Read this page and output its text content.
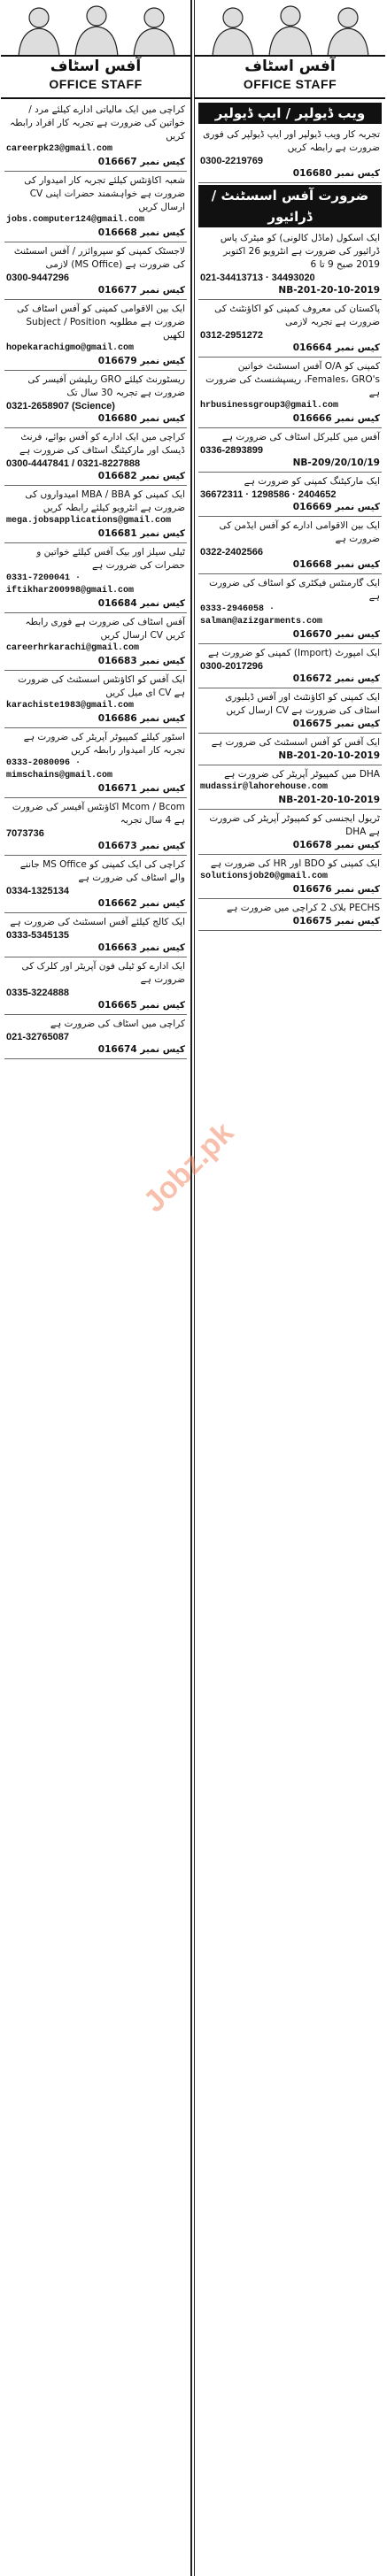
آفس اسٹاف
OFFICE STAFF
کراچی میں ایک مالیاتی ادارے کیلئے مرد / خواتین کی ضرورت ہے تجربہ کار افراد رابطہ کریں
careerpk23@gmail.com
کیس نمبر 016667
شعبہ اکاؤنٹس کیلئے تجربہ کار امیدوار کی ضرورت ہے خواہشمند حضرات اپنی CV ارسال کریں
jobs.computer124@gmail.com
کیس نمبر 016668
لاجسٹک کمپنی کو سپروائزر / آفس اسسٹنٹ کی ضرورت ہے (MS Office) لازمی
0300-9447296
کیس نمبر 016677
ایک بین الاقوامی کمپنی کو آفس اسٹاف کی ضرورت ہے مطلوبہ Subject / Position لکھیں
hopekarachigmo@gmail.com
کیس نمبر 016679
ریسٹورنٹ کیلئے GRO ریلیشن آفیسر کی ضرورت ہے تجربہ 30 سال تک
0321-2658907 (Science)
کیس نمبر 016680
کراچی میں ایک ادارے کو آفس بوائے، فرنٹ ڈیسک اور مارکیٹنگ اسٹاف کی ضرورت ہے
0300-4447841 / 0321-8227888
کیس نمبر 016682
ایک کمپنی کو MBA / BBA امیدواروں کی ضرورت ہے انٹرویو کیلئے رابطہ کریں
mega.jobsapplications@gmail.com
کیس نمبر 016681
ٹیلی سیلز اور بیک آفس کیلئے خواتین و حضرات کی ضرورت ہے
0331-7200041 · iftikhar200998@gmail.com
کیس نمبر 016684
آفس اسٹاف کی ضرورت ہے فوری رابطہ کریں CV ارسال کریں
careerhrkarachi@gmail.com
کیس نمبر 016683
ایک آفس کو اکاؤنٹس اسسٹنٹ کی ضرورت ہے CV ای میل کریں
karachiste1983@gmail.com
کیس نمبر 016686
اسٹور کیلئے کمپیوٹر آپریٹر کی ضرورت ہے تجربہ کار امیدوار رابطہ کریں
0333-2080096 · mimschains@gmail.com
کیس نمبر 016671
Mcom / Bcom اکاؤنٹس آفیسر کی ضرورت ہے 4 سال تجربہ
7073736
کیس نمبر 016673
کراچی کی ایک کمپنی کو MS Office جاننے والے اسٹاف کی ضرورت ہے
0334-1325134
کیس نمبر 016662
ایک کالج کیلئے آفس اسسٹنٹ کی ضرورت ہے
0333-5345135
کیس نمبر 016663
ایک ادارے کو ٹیلی فون آپریٹر اور کلرک کی ضرورت ہے
0335-3224888
کیس نمبر 016665
کراچی میں اسٹاف کی ضرورت ہے
021-32765087
کیس نمبر 016674
آفس اسٹاف
OFFICE STAFF
ویب ڈیولپر / ایپ ڈیولپر
تجربہ کار ویب ڈیولپر اور ایپ ڈیولپر کی فوری ضرورت ہے رابطہ کریں
0300-2219769
کیس نمبر 016680
ضرورت آفس اسسٹنٹ / ڈرائیور
ایک اسکول (ماڈل کالونی) کو میٹرک پاس ڈرائیور کی ضرورت ہے انٹرویو 26 اکتوبر 2019 صبح 9 تا 6
021-34413713 · 34493020
NB-201-20-10-2019
پاکستان کی معروف کمپنی کو اکاؤنٹنٹ کی ضرورت ہے تجربہ لازمی
0312-2951272
کیس نمبر 016664
کمپنی کو O/A آفس اسسٹنٹ خواتین Females، GRO's، ریسپشنسٹ کی ضرورت ہے
hrbusinessgroup3@gmail.com
کیس نمبر 016666
آفس میں کلیرکل اسٹاف کی ضرورت ہے
0336-2893899
NB-209/20/10/19
ایک مارکیٹنگ کمپنی کو ضرورت ہے
36672311 · 1298586 · 2404652
کیس نمبر 016669
ایک بین الاقوامی ادارے کو آفس ایڈمن کی ضرورت ہے
0322-2402566
کیس نمبر 016668
ایک گارمنٹس فیکٹری کو اسٹاف کی ضرورت ہے
0333-2946058 · salman@azizgarments.com
کیس نمبر 016670
ایک امپورٹ (Import) کمپنی کو ضرورت ہے
0300-2017296
کیس نمبر 016672
ایک کمپنی کو اکاؤنٹنٹ اور آفس ڈیلیوری اسٹاف کی ضرورت ہے CV ارسال کریں
کیس نمبر 016675
ایک آفس کو آفس اسسٹنٹ کی ضرورت ہے
NB-201-20-10-2019
DHA میں کمپیوٹر آپریٹر کی ضرورت ہے
mudassir@lahorehouse.com
NB-201-20-10-2019
ٹریول ایجنسی کو کمپیوٹر آپریٹر کی ضرورت ہے DHA
کیس نمبر 016678
ایک کمپنی کو BDO اور HR کی ضرورت ہے
solutionsjob20@gmail.com
کیس نمبر 016676
PECHS بلاک 2 کراچی میں ضرورت ہے
کیس نمبر 016675
Jobz.pk
